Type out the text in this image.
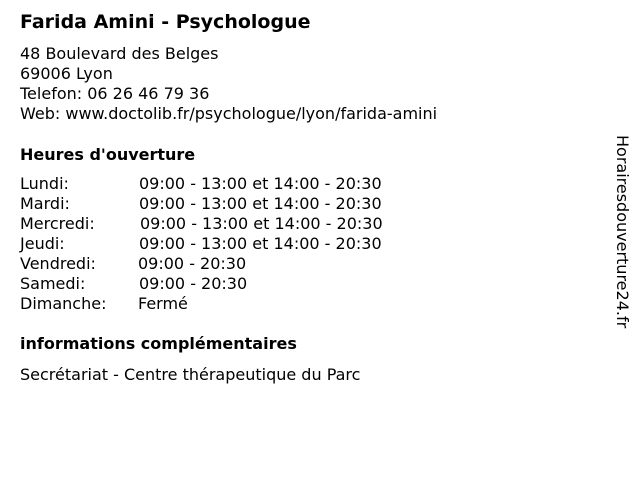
Farida Amini - Psychologue
48 Boulevard des Belges
69006 Lyon
Telefon: 06 26 46 79 36
Web: www.doctolib.fr/psychologue/lyon/farida-amini
Heures d'ouverture
Lundi:	09:00 - 13:00 et 14:00 - 20:30
Mardi:	09:00 - 13:00 et 14:00 - 20:30
Mercredi:	09:00 - 13:00 et 14:00 - 20:30
Jeudi:	09:00 - 13:00 et 14:00 - 20:30
Vendredi:	09:00 - 20:30
Samedi:	09:00 - 20:30
Dimanche: Fermé
informations complémentaires
Secrétariat - Centre thérapeutique du Parc
Horairesdouverture24.fr
